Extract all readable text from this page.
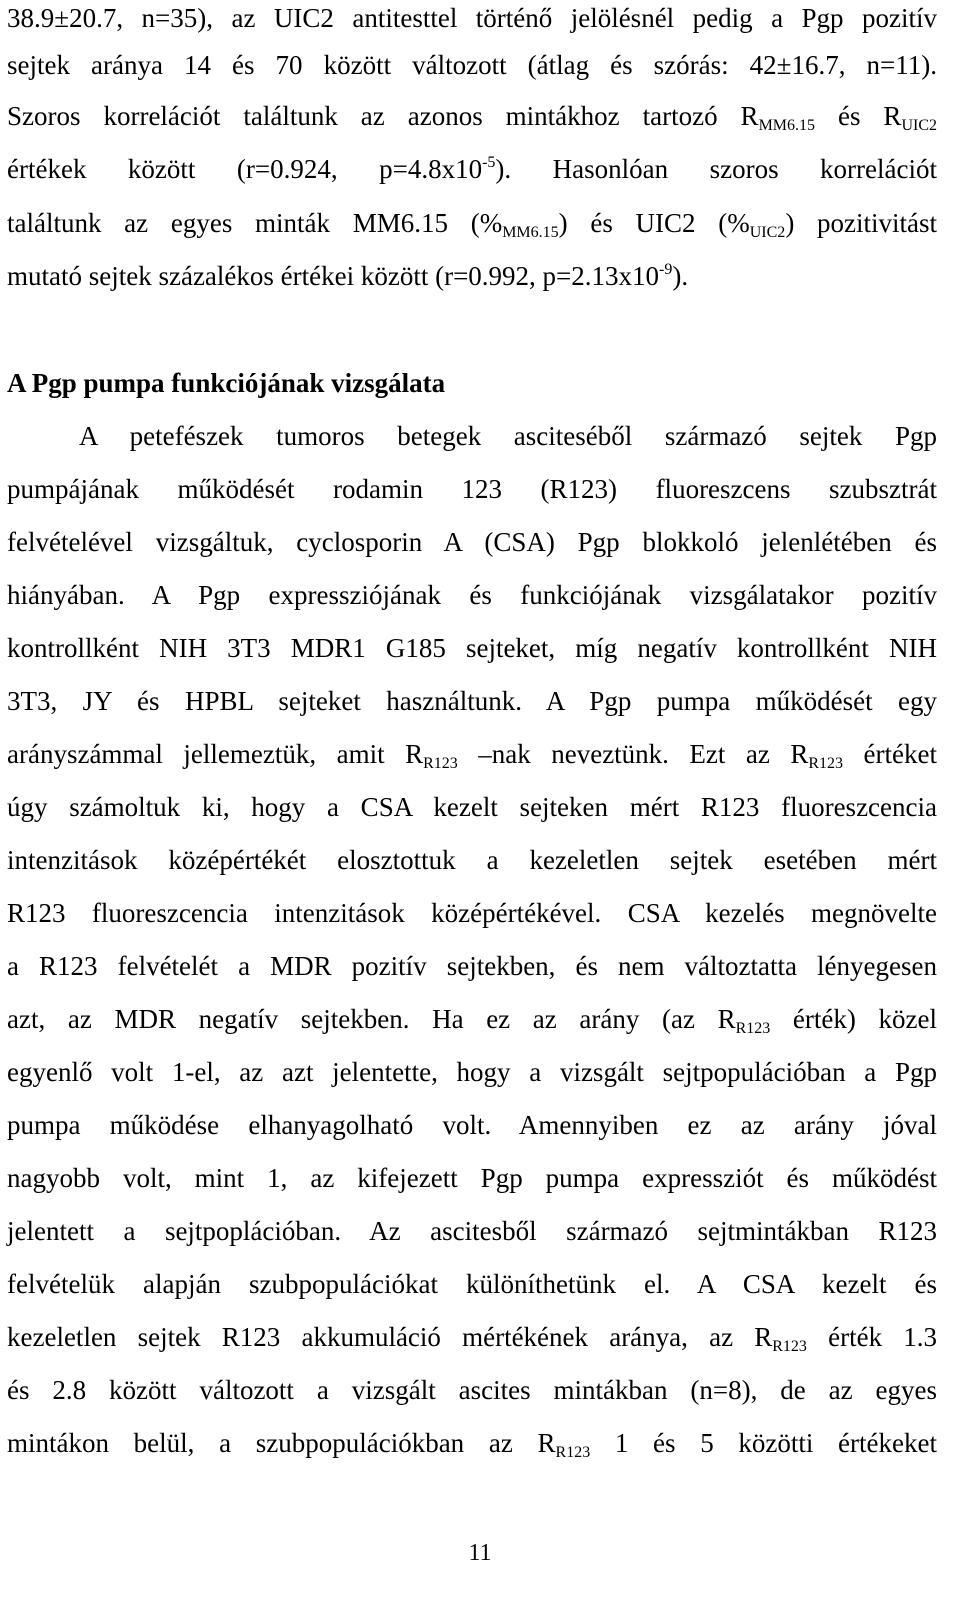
38.9±20.7, n=35), az UIC2 antitesttel történő jelölésnél pedig a Pgp pozitív
sejtek aránya 14 és 70 között változott (átlag és szórás: 42±16.7, n=11).
Szoros korrelációt találtunk az azonos mintákhoz tartozó $R_{MM6.15}$ és $R_{UIC2}$
értékek között (r=0.924, $p=4.8x10^{-5}$). Hasonlóan szoros korrelációt
találtunk az egyes minták MM6.15 $(\%_{MM6.15})$ és UIC2 $(\%_{UIC2})$ pozitivitást
mutató sejtek százalékos értékei között (r=0.992, $p=2.13x10^{-9}$).
A Pgp pumpa funkciójának vizsgálata
A petefészek tumoros betegek asciteséből származó sejtek Pgp
pumpájának működését rodamin 123 (R123) fluoreszcens szubsztrát
felvételével vizsgáltuk, cyclosporin A (CSA) Pgp blokkoló jelenlétében és
hiányában. A Pgp expressziójának és funkciójának vizsgálatakor pozitív
kontrollként NIH 3T3 MDR1 G185 sejteket, míg negatív kontrollként NIH
3T3, JY és HPBL sejteket használtunk. A Pgp pumpa működését egy
arányszámmal jellemeztük, amit $R_{R123}$ –nak neveztünk. Ezt az $R_{R123}$ értéket
úgy számoltuk ki, hogy a CSA kezelt sejteken mért R123 fluoreszcencia
intenzitások középértékét elosztottuk a kezeletlen sejtek esetében mért
R123 fluoreszcencia intenzitások középértékével. CSA kezelés megnövelte
a R123 felvételét a MDR pozitív sejtekben, és nem változtatta lényegesen
azt, az MDR negatív sejtekben. Ha ez az arány (az $R_{R123}$ érték) közel
egyenlő volt 1-el, az azt jelentette, hogy a vizsgált sejtpopulációban a Pgp
pumpa működése elhanyagolható volt. Amennyiben ez az arány jóval
nagyobb volt, mint 1, az kifejezett Pgp pumpa expressziót és működést
jelentett a sejtpoplációban. Az ascitesből származó sejtmintákban R123
felvételük alapján szubpopulációkat különíthetünk el. A CSA kezelt és
kezeletlen sejtek R123 akkumuláció mértékének aránya, az $R_{R123}$ érték 1.3
és 2.8 között változott a vizsgált ascites mintákban (n=8), de az egyes
mintákon belül, a szubpopulációkban az $R_{R123}$ 1 és 5 közötti értékeket
11
